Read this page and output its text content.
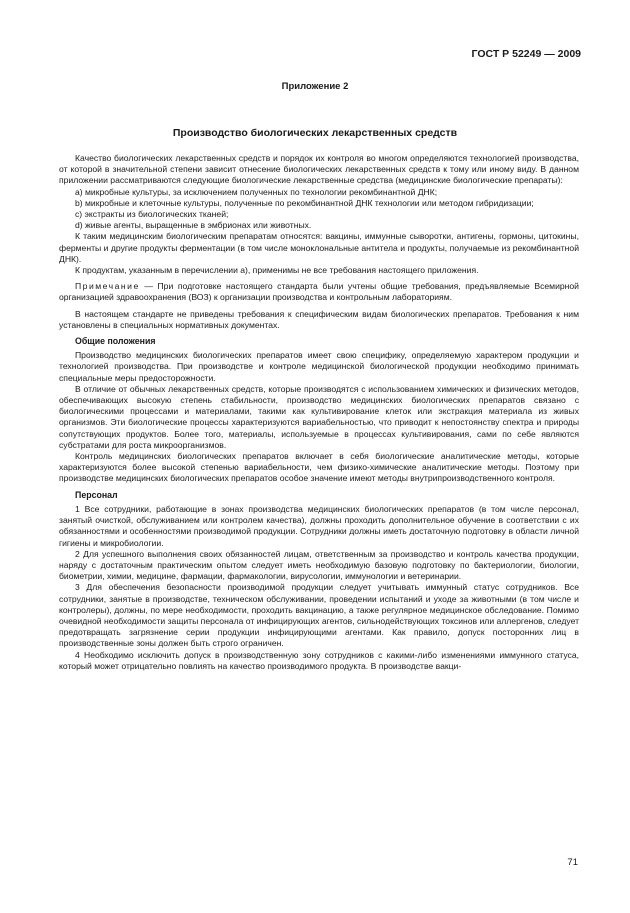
ГОСТ Р 52249 — 2009
Приложение 2
Производство биологических лекарственных средств

Качество биологических лекарственных средств и порядок их контроля во многом определяются технологией производства, от которой в значительной степени зависит отнесение биологических лекарственных средств к тому или иному виду. В данном приложении рассматриваются следующие биологические лекарственные средства (медицинские биологические препараты):

а) микробные культуры, за исключением полученных по технологии рекомбинантной ДНК;

b) микробные и клеточные культуры, полученные по рекомбинантной ДНК технологии или методом гибридизации;

c) экстракты из биологических тканей;

d) живые агенты, выращенные в эмбрионах или животных.

К таким медицинским биологическим препаратам относятся: вакцины, иммунные сыворотки, антигены, гормоны, цитокины, ферменты и другие продукты ферментации (в том числе моноклональные антитела и продукты, получаемые из рекомбинантной ДНК).

К продуктам, указанным в перечислении а), применимы не все требования настоящего приложения.

Примечание — При подготовке настоящего стандарта были учтены общие требования, предъявляемые Всемирной организацией здравоохранения (ВОЗ) к организации производства и контрольным лабораториям.

В настоящем стандарте не приведены требования к специфическим видам биологических препаратов. Требования к ним установлены в специальных нормативных документах.

Общие положения

Производство медицинских биологических препаратов имеет свою специфику, определяемую характером продукции и технологией производства. При производстве и контроле медицинской биологической продукции необходимо принимать специальные меры предосторожности.

В отличие от обычных лекарственных средств, которые производятся с использованием химических и физических методов, обеспечивающих высокую степень стабильности, производство медицинских биологических препаратов связано с биологическими процессами и материалами, такими как культивирование клеток или экстракция материала из живых организмов. Эти биологические процессы характеризуются вариабельностью, что приводит к непостоянству спектра и природы сопутствующих продуктов. Более того, материалы, используемые в процессах культивирования, сами по себе являются субстратами для роста микроорганизмов.

Контроль медицинских биологических препаратов включает в себя биологические аналитические методы, которые характеризуются более высокой степенью вариабельности, чем физико-химические аналитические методы. Поэтому при производстве медицинских биологических препаратов особое значение имеют методы внутрипроизводственного контроля.

Персонал

1 Все сотрудники, работающие в зонах производства медицинских биологических препаратов (в том числе персонал, занятый очисткой, обслуживанием или контролем качества), должны проходить дополнительное обучение в соответствии с их обязанностями и особенностями производимой продукции. Сотрудники должны иметь достаточную подготовку в области личной гигиены и микробиологии.

2 Для успешного выполнения своих обязанностей лицам, ответственным за производство и контроль качества продукции, наряду с достаточным практическим опытом следует иметь необходимую базовую подготовку по бактериологии, биологии, биометрии, химии, медицине, фармации, фармакологии, вирусологии, иммунологии и ветеринарии.

3 Для обеспечения безопасности производимой продукции следует учитывать иммунный статус сотрудников. Все сотрудники, занятые в производстве, техническом обслуживании, проведении испытаний и уходе за животными (в том числе и контролеры), должны, по мере необходимости, проходить вакцинацию, а также регулярное медицинское обследование. Помимо очевидной необходимости защиты персонала от инфицирующих агентов, сильнодействующих токсинов или аллергенов, следует предотвращать загрязнение серии продукции инфицирующими агентами. Как правило, допуск посторонних лиц в производственные зоны должен быть строго ограничен.

4 Необходимо исключить допуск в производственную зону сотрудников с какими-либо изменениями иммунного статуса, который может отрицательно повлиять на качество производимого продукта. В производстве вакци-

71
